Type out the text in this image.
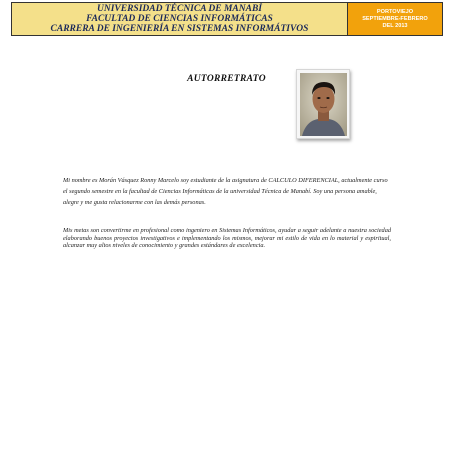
UNIVERSIDAD TÉCNICA DE MANABÍ
FACULTAD DE CIENCIAS INFORMÁTICAS
CARRERA DE INGENIERÍA EN SISTEMAS INFORMÁTIVOS
PORTOVIEJO
SEPTIEMBRE-FEBRERO
DEL 2013
AUTORRETRATO
Mi nombre es Morán Vásquez Ronny Marcelo soy estudiante de la asignatura de CALCULO DIFERENCIAL, actualmente curso el segundo semestre en la facultad de Ciencias Informáticas de la universidad Técnica de Manabí. Soy una persona amable, alegre y me gusta relacionarme con las demás personas.
Mis metas son convertirme en profesional como ingeniero en Sistemas Informáticos, ayudar a seguir adelante a nuestra sociedad elaborando buenos proyectos investigativos e implementando los mismos, mejorar mi estilo de vida en lo material y espiritual, alcanzar muy altos niveles de conocimiento y grandes estándares de excelencia.
